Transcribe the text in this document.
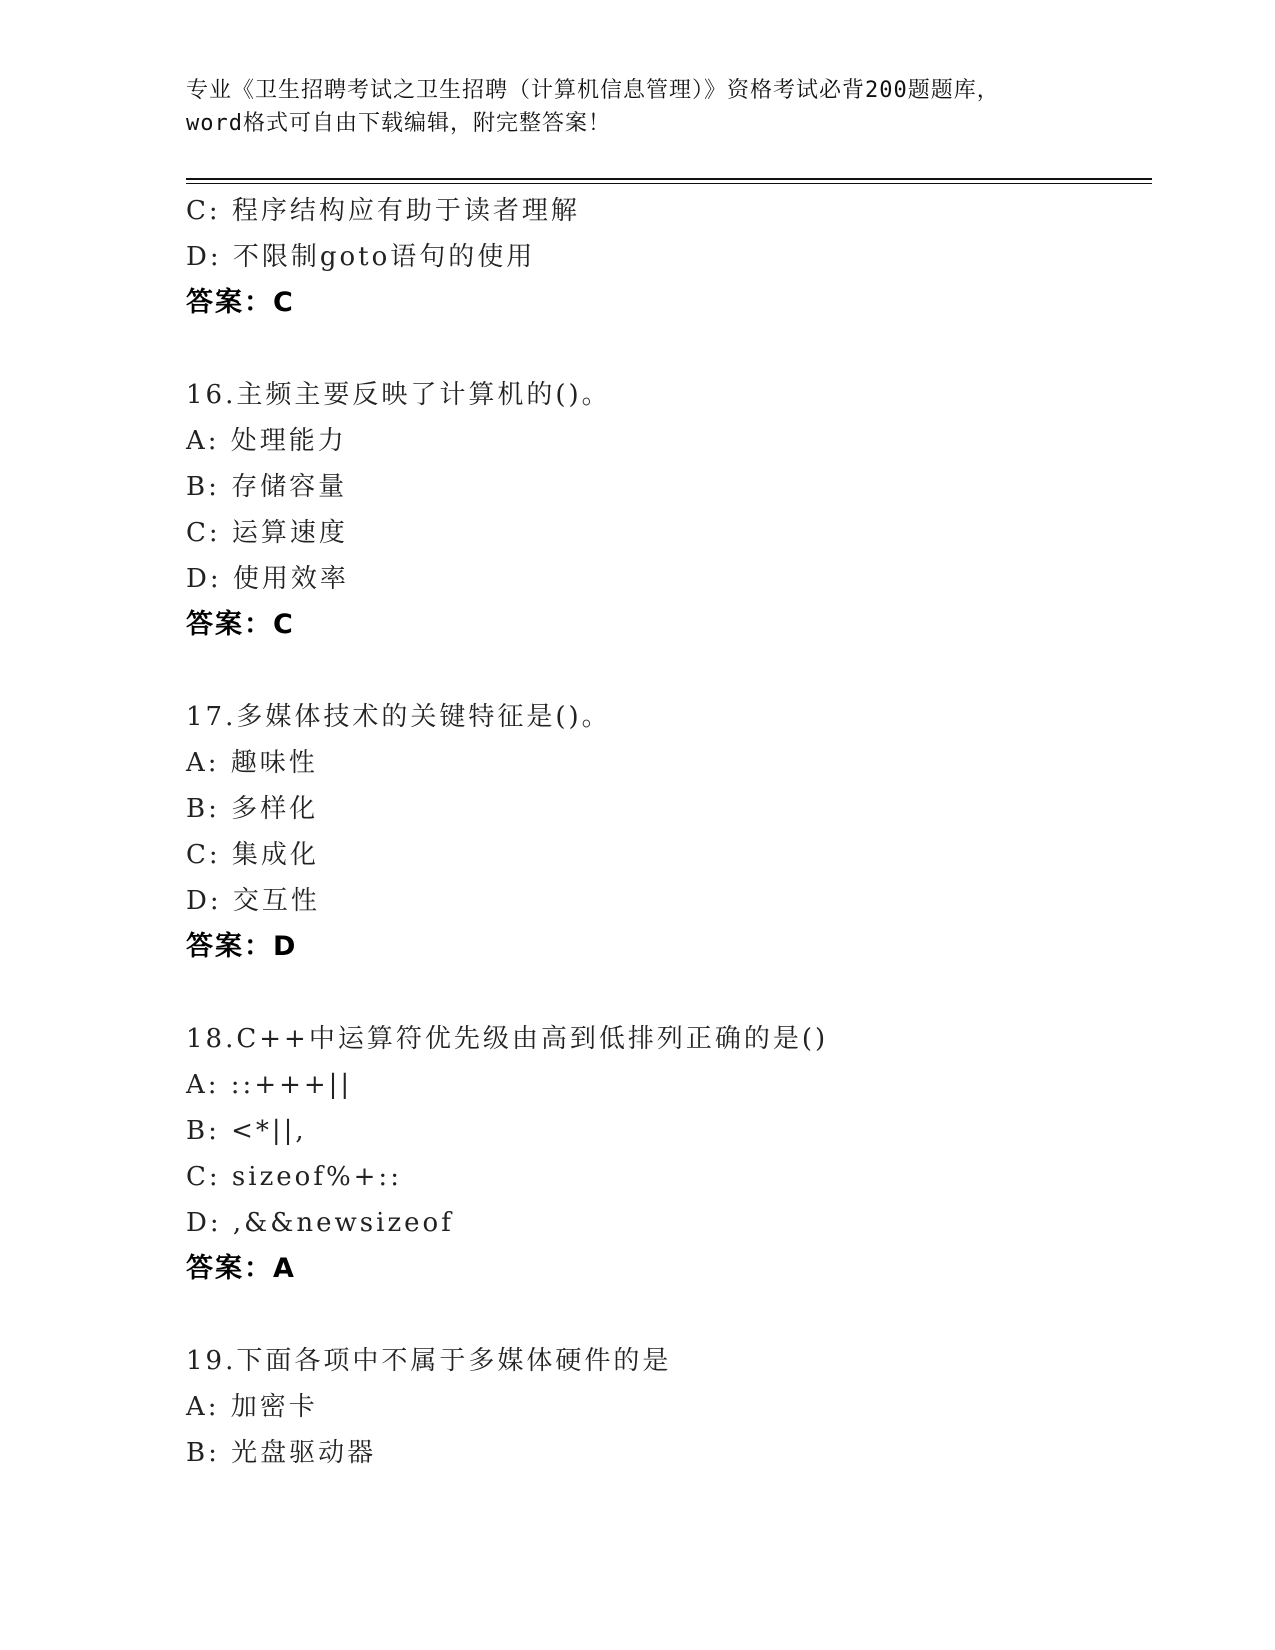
专业《卫生招聘考试之卫生招聘（计算机信息管理）》资格考试必背200题题库，
word格式可自由下载编辑，附完整答案！
C: 程序结构应有助于读者理解
D: 不限制goto语句的使用
答案：C
16.主频主要反映了计算机的()。
A: 处理能力
B: 存储容量
C: 运算速度
D: 使用效率
答案：C
17.多媒体技术的关键特征是()。
A: 趣味性
B: 多样化
C: 集成化
D: 交互性
答案：D
18.C++中运算符优先级由高到低排列正确的是()
A: ::+++||
B: <*||,
C: sizeof%+::
D: ,&&newsizeof
答案：A
19.下面各项中不属于多媒体硬件的是
A: 加密卡
B: 光盘驱动器
